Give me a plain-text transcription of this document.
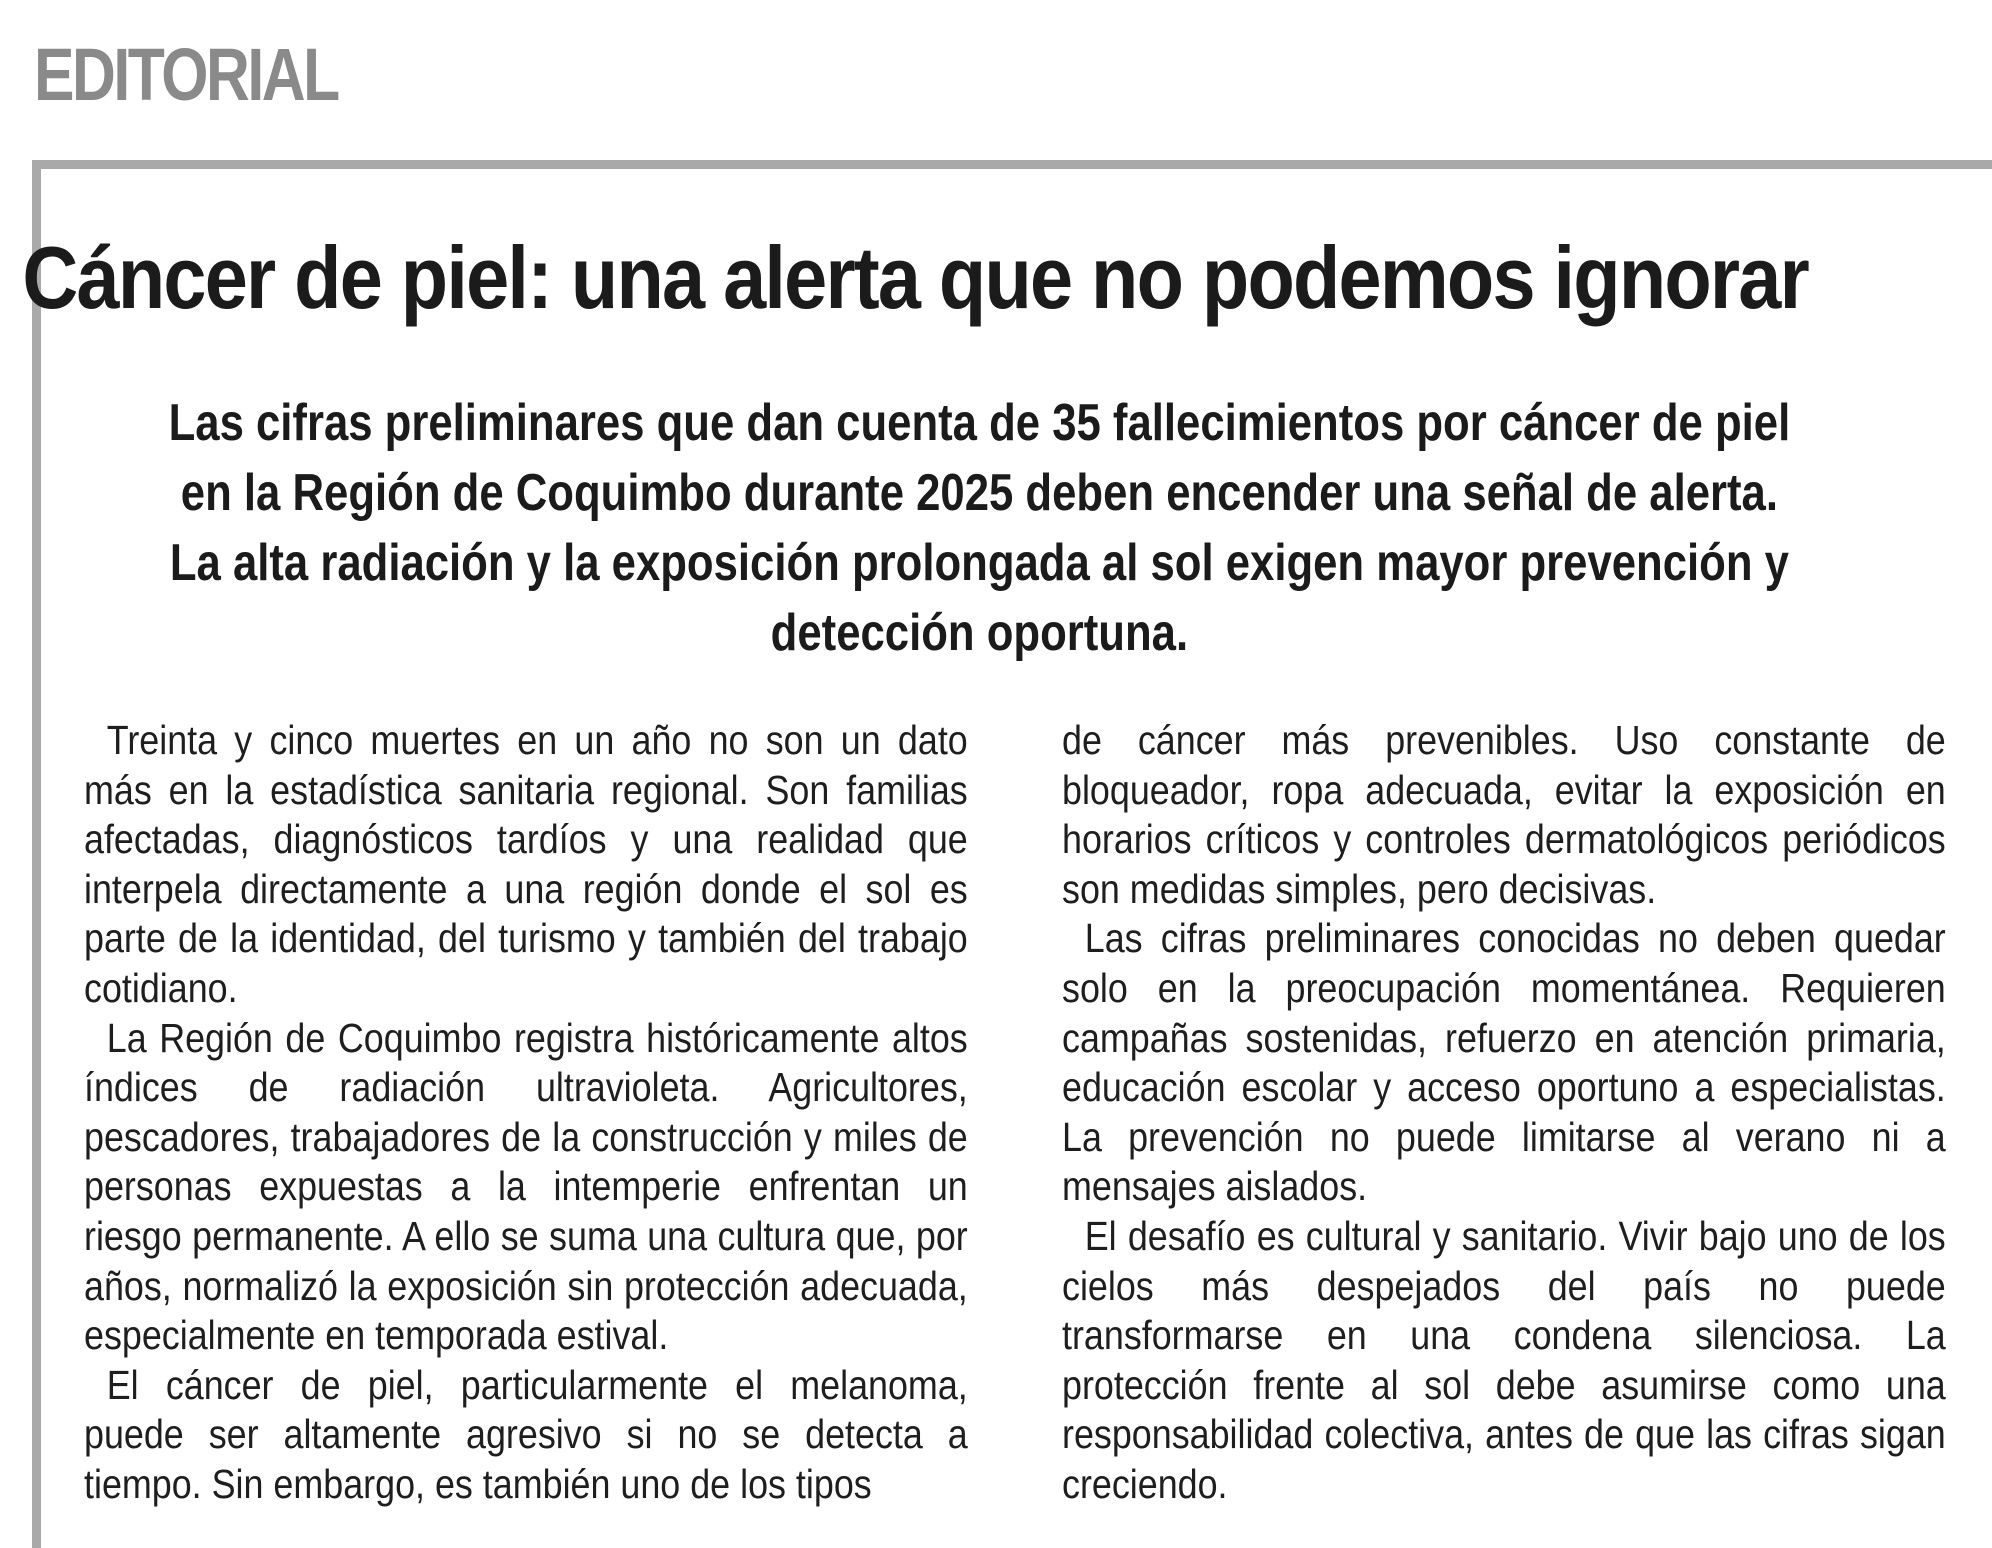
EDITORIAL
Cáncer de piel: una alerta que no podemos ignorar
Las cifras preliminares que dan cuenta de 35 fallecimientos por cáncer de piel
en la Región de Coquimbo durante 2025 deben encender una señal de alerta.
La alta radiación y la exposición prolongada al sol exigen mayor prevención y
detección oportuna.

Treinta y cinco muertes en un año no son un dato más en la estadística sanitaria regional. Son familias afectadas, diagnósticos tardíos y una realidad que interpela directamente a una región donde el sol es parte de la identidad, del turismo y también del trabajo cotidiano.

La Región de Coquimbo registra históricamente altos índices de radiación ultravioleta. Agricultores, pescadores, trabajadores de la construcción y miles de personas expuestas a la intemperie enfrentan un riesgo permanente. A ello se suma una cultura que, por años, normalizó la exposición sin protección adecuada, especialmente en temporada estival.

El cáncer de piel, particularmente el melanoma, puede ser altamente agresivo si no se detecta a tiempo. Sin embargo, es también uno de los tipos

de cáncer más prevenibles. Uso constante de bloqueador, ropa adecuada, evitar la exposición en horarios críticos y controles dermatológicos periódicos son medidas simples, pero decisivas.

Las cifras preliminares conocidas no deben quedar solo en la preocupación momentánea. Requieren campañas sostenidas, refuerzo en atención primaria, educación escolar y acceso oportuno a especialistas. La prevención no puede limitarse al verano ni a mensajes aislados.

El desafío es cultural y sanitario. Vivir bajo uno de los cielos más despejados del país no puede transformarse en una condena silenciosa. La protección frente al sol debe asumirse como una responsabilidad colectiva, antes de que las cifras sigan creciendo.
